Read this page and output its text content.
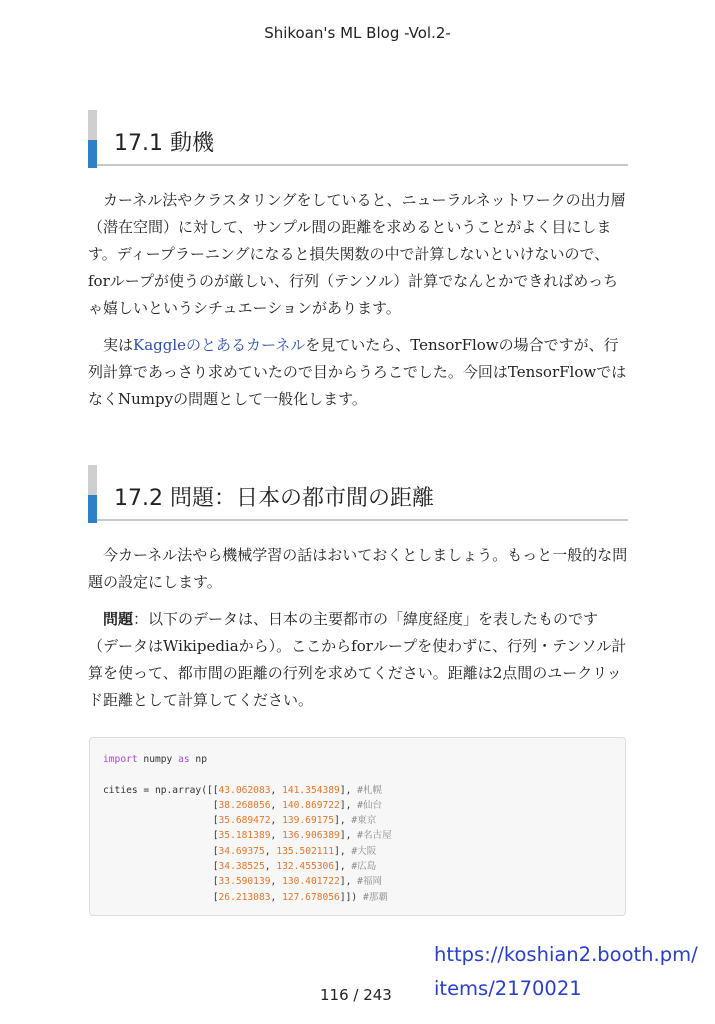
Shikoan's ML Blog -Vol.2-
17.1 動機

カーネル法やクラスタリングをしていると、ニューラルネットワークの出力層（潜在空間）に対して、サンプル間の距離を求めるということがよく目にします。ディープラーニングになると損失関数の中で計算しないといけないので、forループが使うのが厳しい、行列（テンソル）計算でなんとかできればめっちゃ嬉しいというシチュエーションがあります。

実はKaggleのとあるカーネルを見ていたら、TensorFlowの場合ですが、行列計算であっさり求めていたので目からうろこでした。今回はTensorFlowではなくNumpyの問題として一般化します。

17.2 問題：日本の都市間の距離

今カーネル法やら機械学習の話はおいておくとしましょう。もっと一般的な問題の設定にします。

問題：以下のデータは、日本の主要都市の「緯度経度」を表したものです（データはWikipediaから）。ここからforループを使わずに、行列・テンソル計算を使って、都市間の距離の行列を求めてください。距離は2点間のユークリッド距離として計算してください。

import numpy as np

cities = np.array([[43.062083, 141.354389], #札幌
[38.268056, 140.869722], #仙台
[35.689472, 139.69175], #東京
[35.181389, 136.906389], #名古屋
[34.69375, 135.502111], #大阪
[34.38525, 132.455306], #広島
[33.590139, 130.401722], #福岡
[26.213083, 127.678056]]) #那覇
116 / 243
https://koshian2.booth.pm/
items/2170021
